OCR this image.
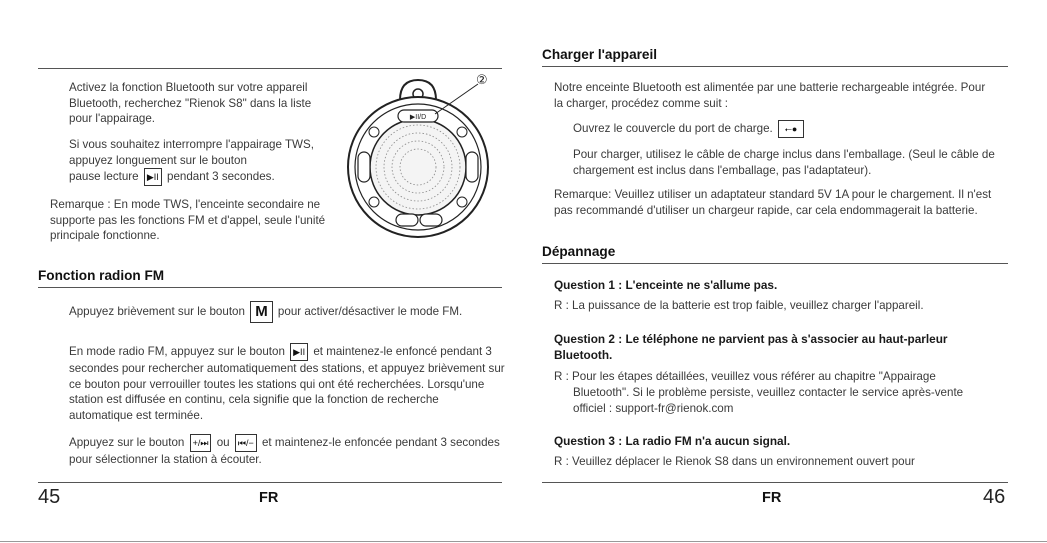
Activez la fonction Bluetooth sur votre appareil Bluetooth, recherchez "Rienok S8" dans la liste pour l'appairage.
Si vous souhaitez interrompre l'appairage TWS, appuyez longuement sur le bouton
pause lecture ▶II pendant 3 secondes.
Remarque : En mode TWS, l'enceinte secondaire ne supporte pas les fonctions FM et d'appel, seule l'unité principale fonctionne.
▶II/D
②
Fonction radion FM
Appuyez brièvement sur le bouton M pour activer/désactiver le mode FM.
En mode radio FM, appuyez sur le bouton ▶II et maintenez-le enfoncé pendant 3 secondes pour rechercher automatiquement des stations, et appuyez brièvement sur ce bouton pour verrouiller toutes les stations qui ont été recherchées. Lorsqu'une station est diffusée en continu, cela signifie que la fonction de recherche automatique est terminée.
Appuyez sur le bouton +/⏭ ou ⏮/− et maintenez-le enfoncée pendant 3 secondes pour sélectionner la station à écouter.
45	FR
Charger l'appareil
Notre enceinte Bluetooth est alimentée par une batterie rechargeable intégrée. Pour la charger, procédez comme suit :
Ouvrez le couvercle du port de charge. ⭠●
Pour charger, utilisez le câble de charge inclus dans l'emballage. (Seul le câble de chargement est inclus dans l'emballage, pas l'adaptateur).
Remarque: Veuillez utiliser un adaptateur standard 5V 1A pour le chargement. Il n'est pas recommandé d'utiliser un chargeur rapide, car cela endommagerait la batterie.
Dépannage
Question 1 : L'enceinte ne s'allume pas.
R : La puissance de la batterie est trop faible, veuillez charger l'appareil.
Question 2 : Le téléphone ne parvient pas à s'associer au haut-parleur Bluetooth.
R : Pour les étapes détaillées, veuillez vous référer au chapitre "Appairage
Bluetooth". Si le problème persiste, veuillez contacter le service après-vente officiel : support-fr@rienok.com
Question 3 : La radio FM n'a aucun signal.
R : Veuillez déplacer le Rienok S8 dans un environnement ouvert pour
FR	46
